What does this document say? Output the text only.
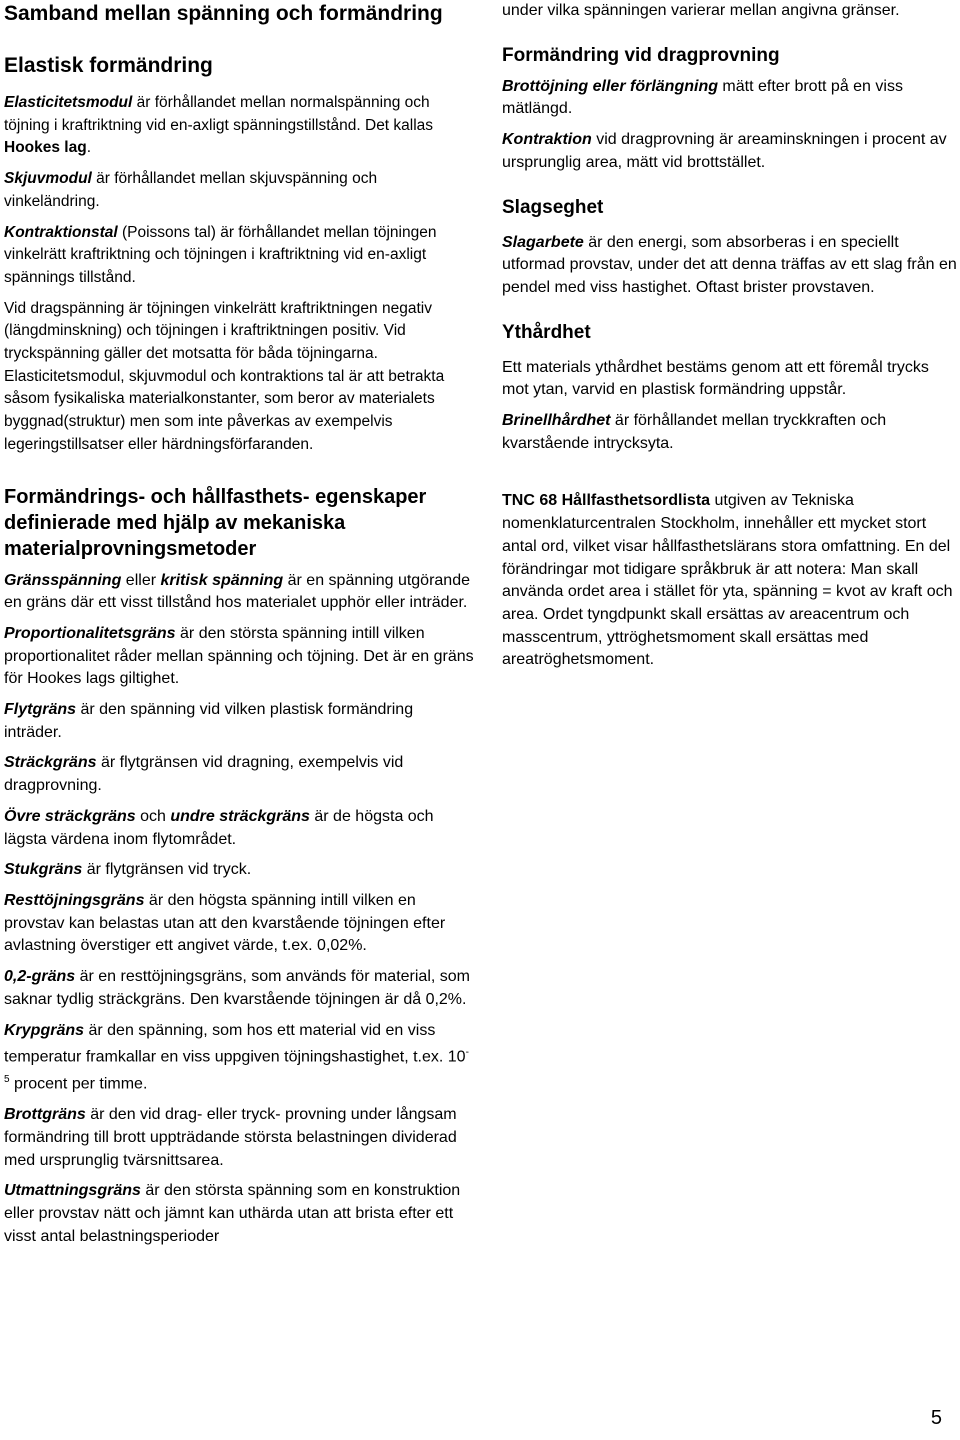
Samband mellan spänning och formändring
Elastisk formändring

Elasticitetsmodul är förhållandet mellan normalspänning och töjning i kraftriktning vid en-axligt spänningstillstånd. Det kallas Hookes lag.

Skjuvmodul är förhållandet mellan skjuvspänning och vinkeländring.

Kontraktionstal (Poissons tal) är förhållandet mellan töjningen vinkelrätt kraftriktning och töjningen i kraftriktning vid en-axligt spännings tillstånd.

Vid dragspänning är töjningen vinkelrätt kraftriktningen negativ (längdminskning) och töjningen i kraftriktningen positiv. Vid tryckspänning gäller det motsatta för båda töjningarna. Elasticitetsmodul, skjuvmodul och kontraktions tal är att betrakta såsom fysikaliska materialkonstanter, som beror av materialets byggnad(struktur) men som inte påverkas av exempelvis legeringstillsatser eller härdningsförfaranden.

Formändrings- och hållfasthets- egenskaper definierade med hjälp av mekaniska materialprovningsmetoder

Gränsspänning eller kritisk spänning är en spänning utgörande en gräns där ett visst tillstånd hos materialet upphör eller inträder.

Proportionalitetsgräns är den största spänning intill vilken proportionalitet råder mellan spänning och töjning. Det är en gräns för Hookes lags giltighet.

Flytgräns är den spänning vid vilken plastisk formändring inträder.

Sträckgräns är flytgränsen vid dragning, exempelvis vid dragprovning.

Övre sträckgräns och undre sträckgräns är de högsta och lägsta värdena inom flytområdet.

Stukgräns är flytgränsen vid tryck.

Resttöjningsgräns är den högsta spänning intill vilken en provstav kan belastas utan att den kvarstående töjningen efter avlastning överstiger ett angivet värde, t.ex. 0,02%.

0,2-gräns är en resttöjningsgräns, som används för material, som saknar tydlig sträckgräns. Den kvarstående töjningen är då 0,2%.

Krypgräns är den spänning, som hos ett material vid en viss temperatur framkallar en viss uppgiven töjningshastighet, t.ex. $10^{-5}$ procent per timme.

Brottgräns är den vid drag- eller tryck- provning under långsam formändring till brott uppträdande största belastningen dividerad med ursprunglig tvärsnittsarea.

Utmattningsgräns är den största spänning som en konstruktion eller provstav nätt och jämnt kan uthärda utan att brista efter ett visst antal belastningsperioder

under vilka spänningen varierar mellan angivna gränser.

Formändring vid dragprovning

Brottöjning eller förlängning mätt efter brott på en viss mätlängd.

Kontraktion vid dragprovning är areaminskningen i procent av ursprunglig area, mätt vid brottstället.

Slagseghet

Slagarbete är den energi, som absorberas i en speciellt utformad provstav, under det att denna träffas av ett slag från en pendel med viss hastighet. Oftast brister provstaven.

Ythårdhet

Ett materials ythårdhet bestäms genom att ett föremål trycks mot ytan, varvid en plastisk formändring uppstår.

Brinellhårdhet är förhållandet mellan tryckkraften och kvarstående intrycksyta.

TNC 68 Hållfasthetsordlista utgiven av Tekniska nomenklaturcentralen Stockholm, innehåller ett mycket stort antal ord, vilket visar hållfasthetslärans stora omfattning. En del förändringar mot tidigare språkbruk är att notera: Man skall använda ordet area i stället för yta, spänning = kvot av kraft och area. Ordet tyngdpunkt skall ersättas av areacentrum och masscentrum, yttröghetsmoment skall ersättas med areatröghetsmoment.

5
